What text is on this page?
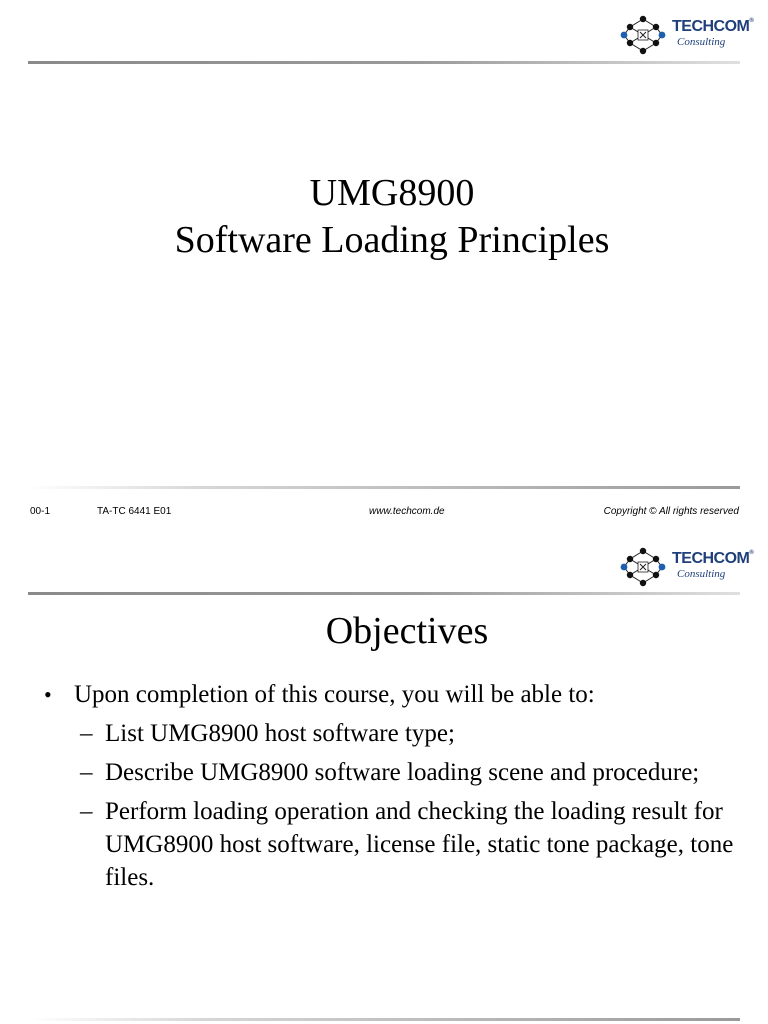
TECHCOM®
Consulting
UMG8900
Software Loading Principles
00-1	TA-TC 6441 E01	www.techcom.de	Copyright © All rights reserved
TECHCOM®
Consulting
Objectives
• Upon completion of this course, you will be able to:
– List UMG8900 host software type;
– Describe UMG8900 software loading scene and procedure;
– Perform loading operation and checking the loading result for UMG8900 host software, license file, static tone package, tone files.
